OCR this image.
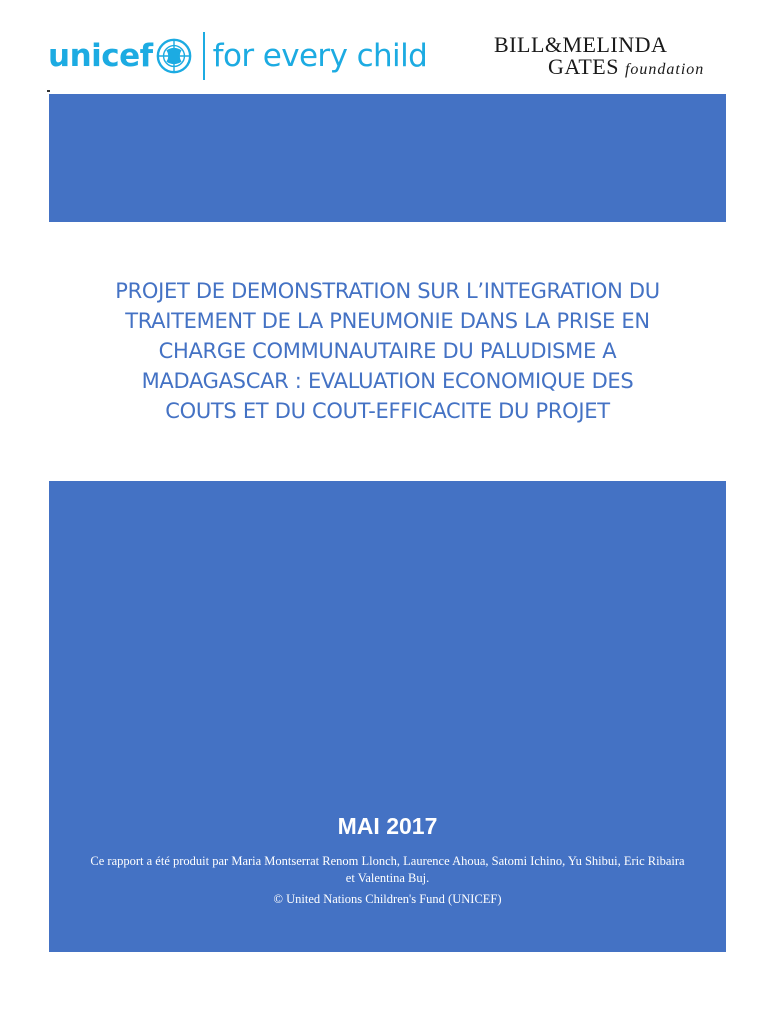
unicef for every child	BILL&MELINDA
GATES foundation
PROJET DE DEMONSTRATION SUR L’INTEGRATION DU
TRAITEMENT DE LA PNEUMONIE DANS LA PRISE EN
CHARGE COMMUNAUTAIRE DU PALUDISME A
MADAGASCAR : EVALUATION ECONOMIQUE DES
COUTS ET DU COUT-EFFICACITE DU PROJET
MAI 2017
Ce rapport a été produit par Maria Montserrat Renom Llonch, Laurence Ahoua, Satomi Ichino, Yu Shibui, Eric Ribaira et Valentina Buj.
© United Nations Children's Fund (UNICEF)
